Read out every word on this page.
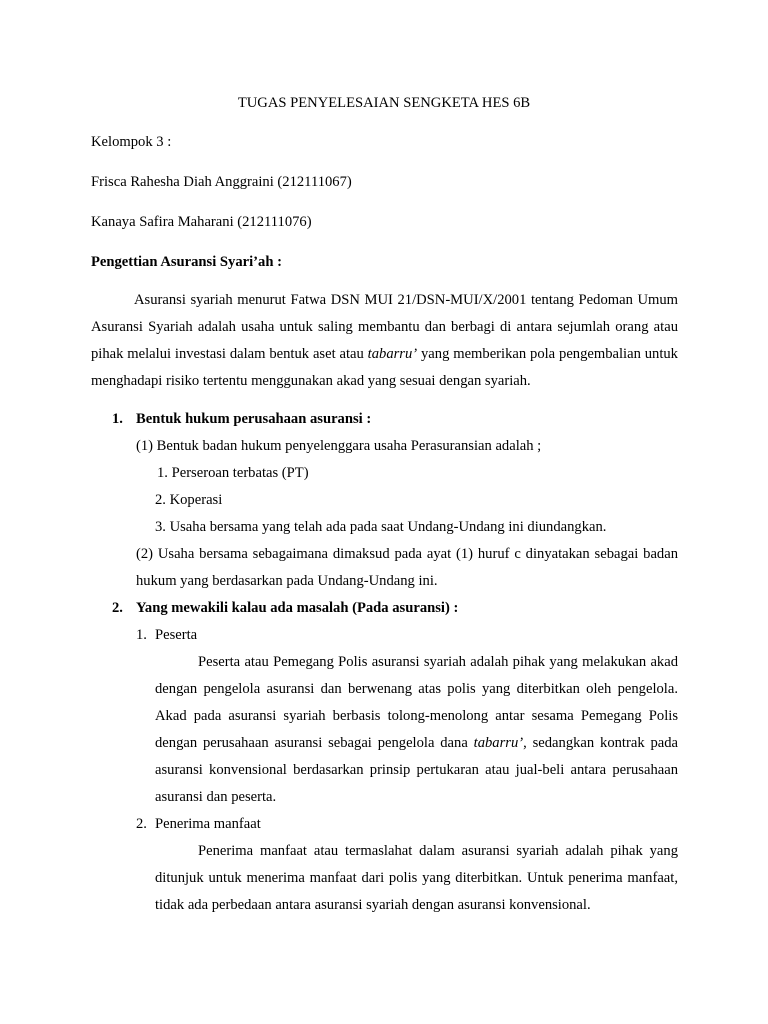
TUGAS PENYELESAIAN SENGKETA HES 6B
Kelompok 3 :
Frisca Rahesha Diah Anggraini (212111067)
Kanaya Safira Maharani (212111076)
Pengettian Asuransi Syari’ah :

Asuransi syariah menurut Fatwa DSN MUI 21/DSN-MUI/X/2001 tentang Pedoman Umum Asuransi Syariah adalah usaha untuk saling membantu dan berbagi di antara sejumlah orang atau pihak melalui investasi dalam bentuk aset atau tabarru’ yang memberikan pola pengembalian untuk menghadapi risiko tertentu menggunakan akad yang sesuai dengan syariah.

1. Bentuk hukum perusahaan asuransi :
(1) Bentuk badan hukum penyelenggara usaha Perasuransian adalah ;
1. Perseroan terbatas (PT)
2. Koperasi
3. Usaha bersama yang telah ada pada saat Undang-Undang ini diundangkan.

(2) Usaha bersama sebagaimana dimaksud pada ayat (1) huruf c dinyatakan sebagai badan hukum yang berdasarkan pada Undang-Undang ini.

2. Yang mewakili kalau ada masalah (Pada asuransi) :
1. Peserta

Peserta atau Pemegang Polis asuransi syariah adalah pihak yang melakukan akad dengan pengelola asuransi dan berwenang atas polis yang diterbitkan oleh pengelola. Akad pada asuransi syariah berbasis tolong-menolong antar sesama Pemegang Polis dengan perusahaan asuransi sebagai pengelola dana tabarru’, sedangkan kontrak pada asuransi konvensional berdasarkan prinsip pertukaran atau jual-beli antara perusahaan asuransi dan peserta.

2. Penerima manfaat

Penerima manfaat atau termaslahat dalam asuransi syariah adalah pihak yang ditunjuk untuk menerima manfaat dari polis yang diterbitkan. Untuk penerima manfaat, tidak ada perbedaan antara asuransi syariah dengan asuransi konvensional.
